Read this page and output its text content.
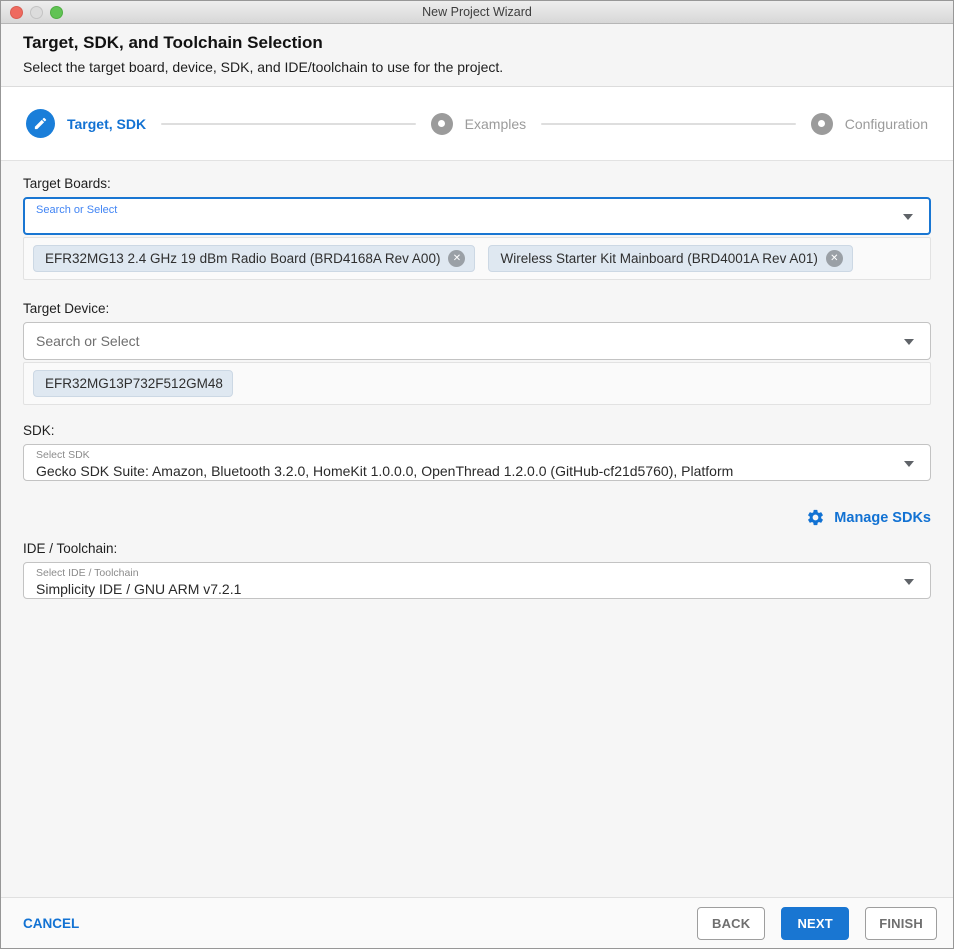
New Project Wizard
Target, SDK, and Toolchain Selection
Select the target board, device, SDK, and IDE/toolchain to use for the project.
Target, SDK	Examples	Configuration
Target Boards:
Search or Select
EFR32MG13 2.4 GHz 19 dBm Radio Board (BRD4168A Rev A00)	✕	Wireless Starter Kit Mainboard (BRD4001A Rev A01)	✕
Target Device:
Search or Select
EFR32MG13P732F512GM48
SDK:
Select SDK
Gecko SDK Suite: Amazon, Bluetooth 3.2.0, HomeKit 1.0.0.0, OpenThread 1.2.0.0 (GitHub-cf21d5760), Platform
Manage SDKs
IDE / Toolchain:
Select IDE / Toolchain
Simplicity IDE / GNU ARM v7.2.1
CANCEL	BACK	NEXT	FINISH
